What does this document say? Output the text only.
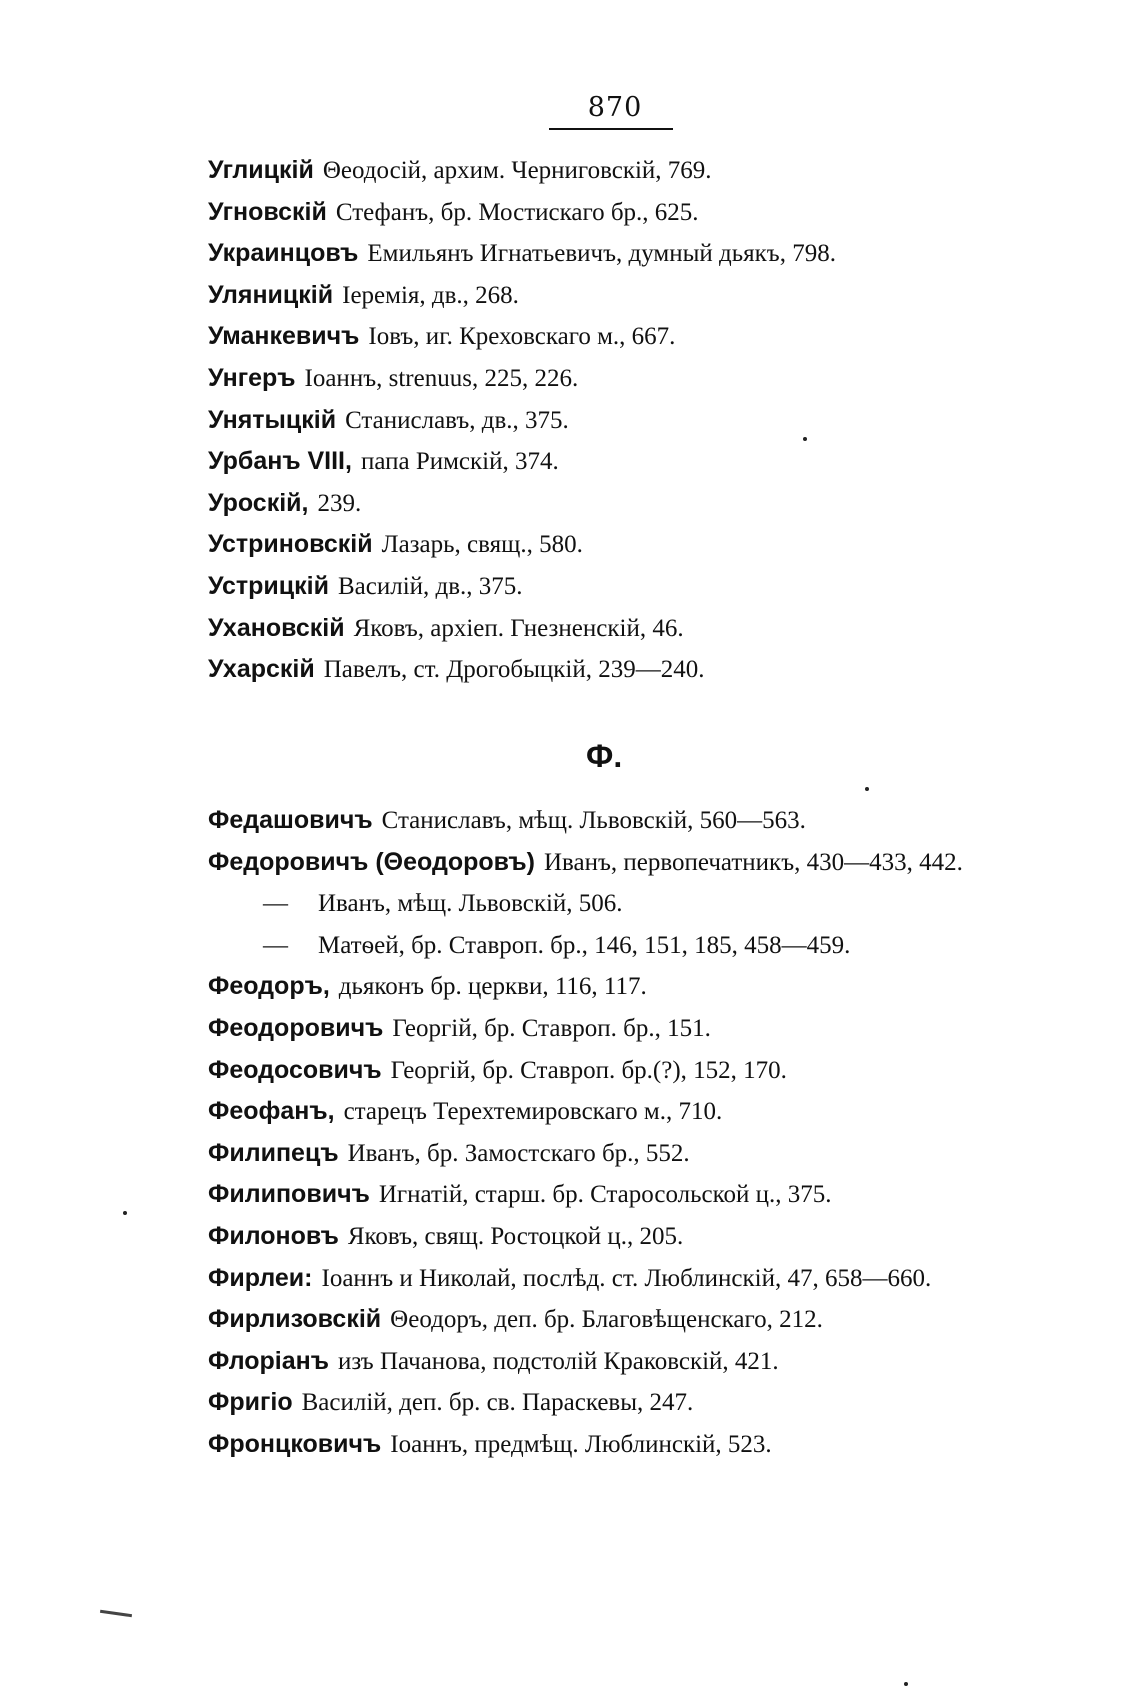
870
Углицкій Θеодосій, архим. Черниговскій, 769.
Угновскій Стефанъ, бр. Мостискаго бр., 625.
Украинцовъ Емильянъ Игнатьевичъ, думный дьякъ, 798.
Уляницкій Іеремія, дв., 268.
Уманкевичъ Іовъ, иг. Креховскаго м., 667.
Унгеръ Іоаннъ, strenuus, 225, 226.
Унятыцкій Станиславъ, дв., 375.
Урбанъ VIII, папа Римскій, 374.
Уроскій, 239.
Устриновскій Лазарь, свящ., 580.
Устрицкій Василій, дв., 375.
Ухановскій Яковъ, архіеп. Гнезненскій, 46.
Ухарскій Павелъ, ст. Дрогобыцкій, 239—240.
Ф.
Федашовичъ Станиславъ, мѣщ. Львовскій, 560—563.
Федоровичъ (Θеодоровъ) Иванъ, первопечатникъ, 430—433, 442.
— Иванъ, мѣщ. Львовскій, 506.
— Матѳей, бр. Ставроп. бр., 146, 151, 185, 458—459.
Феодоръ, дьяконъ бр. церкви, 116, 117.
Феодоровичъ Георгій, бр. Ставроп. бр., 151.
Феодосовичъ Георгій, бр. Ставроп. бр.(?), 152, 170.
Феофанъ, старецъ Терехтемировскаго м., 710.
Филипецъ Иванъ, бр. Замостскаго бр., 552.
Филиповичъ Игнатій, старш. бр. Старосольской ц., 375.
Филоновъ Яковъ, свящ. Ростоцкой ц., 205.
Фирлеи: Іоаннъ и Николай, послѣд. ст. Люблинскій, 47, 658—660.
Фирлизовскій Θеодоръ, деп. бр. Благовѣщенскаго, 212.
Флоріанъ изъ Пачанова, подстолій Краковскій, 421.
Фригіо Василій, деп. бр. св. Параскевы, 247.
Фронцковичъ Іоаннъ, предмѣщ. Люблинскій, 523.
